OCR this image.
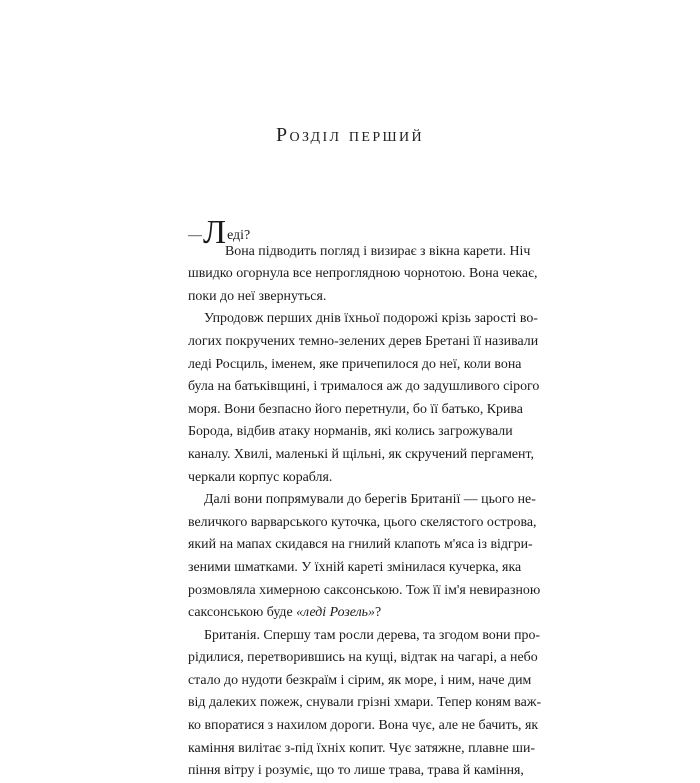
Розділ перший
—Леді?
Вона підводить погляд і визирає з вікна карети. Ніч
швидко огорнула все непроглядною чорнотою. Вона чекає,
поки до неї звернуться.
Упродовж перших днів їхньої подорожі крізь зарості во-
логих покручених темно-зелених дерев Бретані її називали
леді Росциль, іменем, яке причепилося до неї, коли вона
була на батьківщині, і трималося аж до задушливого сірого
моря. Вони безпасно його перетнули, бо її батько, Крива
Борода, відбив атаку норманів, які колись загрожували
каналу. Хвилі, маленькі й щільні, як скручений пергамент,
черкали корпус корабля.
Далі вони попрямували до берегів Британії — цього не-
величкого варварського куточка, цього скелястого острова,
який на мапах скидався на гнилий клапоть м'яса із відгри-
зеними шматками. У їхній кареті змінилася кучерка, яка
розмовляла химерною саксонською. Тож її ім'я невиразною
саксонською буде «леді Розель»?
Британія. Спершу там росли дерева, та згодом вони про-
рідилися, перетворившись на кущі, відтак на чагарі, а небо
стало до нудоти безкраїм і сірим, як море, і ним, наче дим
від далеких пожеж, снували грізні хмари. Тепер коням важ-
ко впоратися з нахилом дороги. Вона чує, але не бачить, як
каміння вилітає з-під їхніх копит. Чує затяжне, плавне ши-
піння вітру і розуміє, що то лише трава, трава й каміння,
